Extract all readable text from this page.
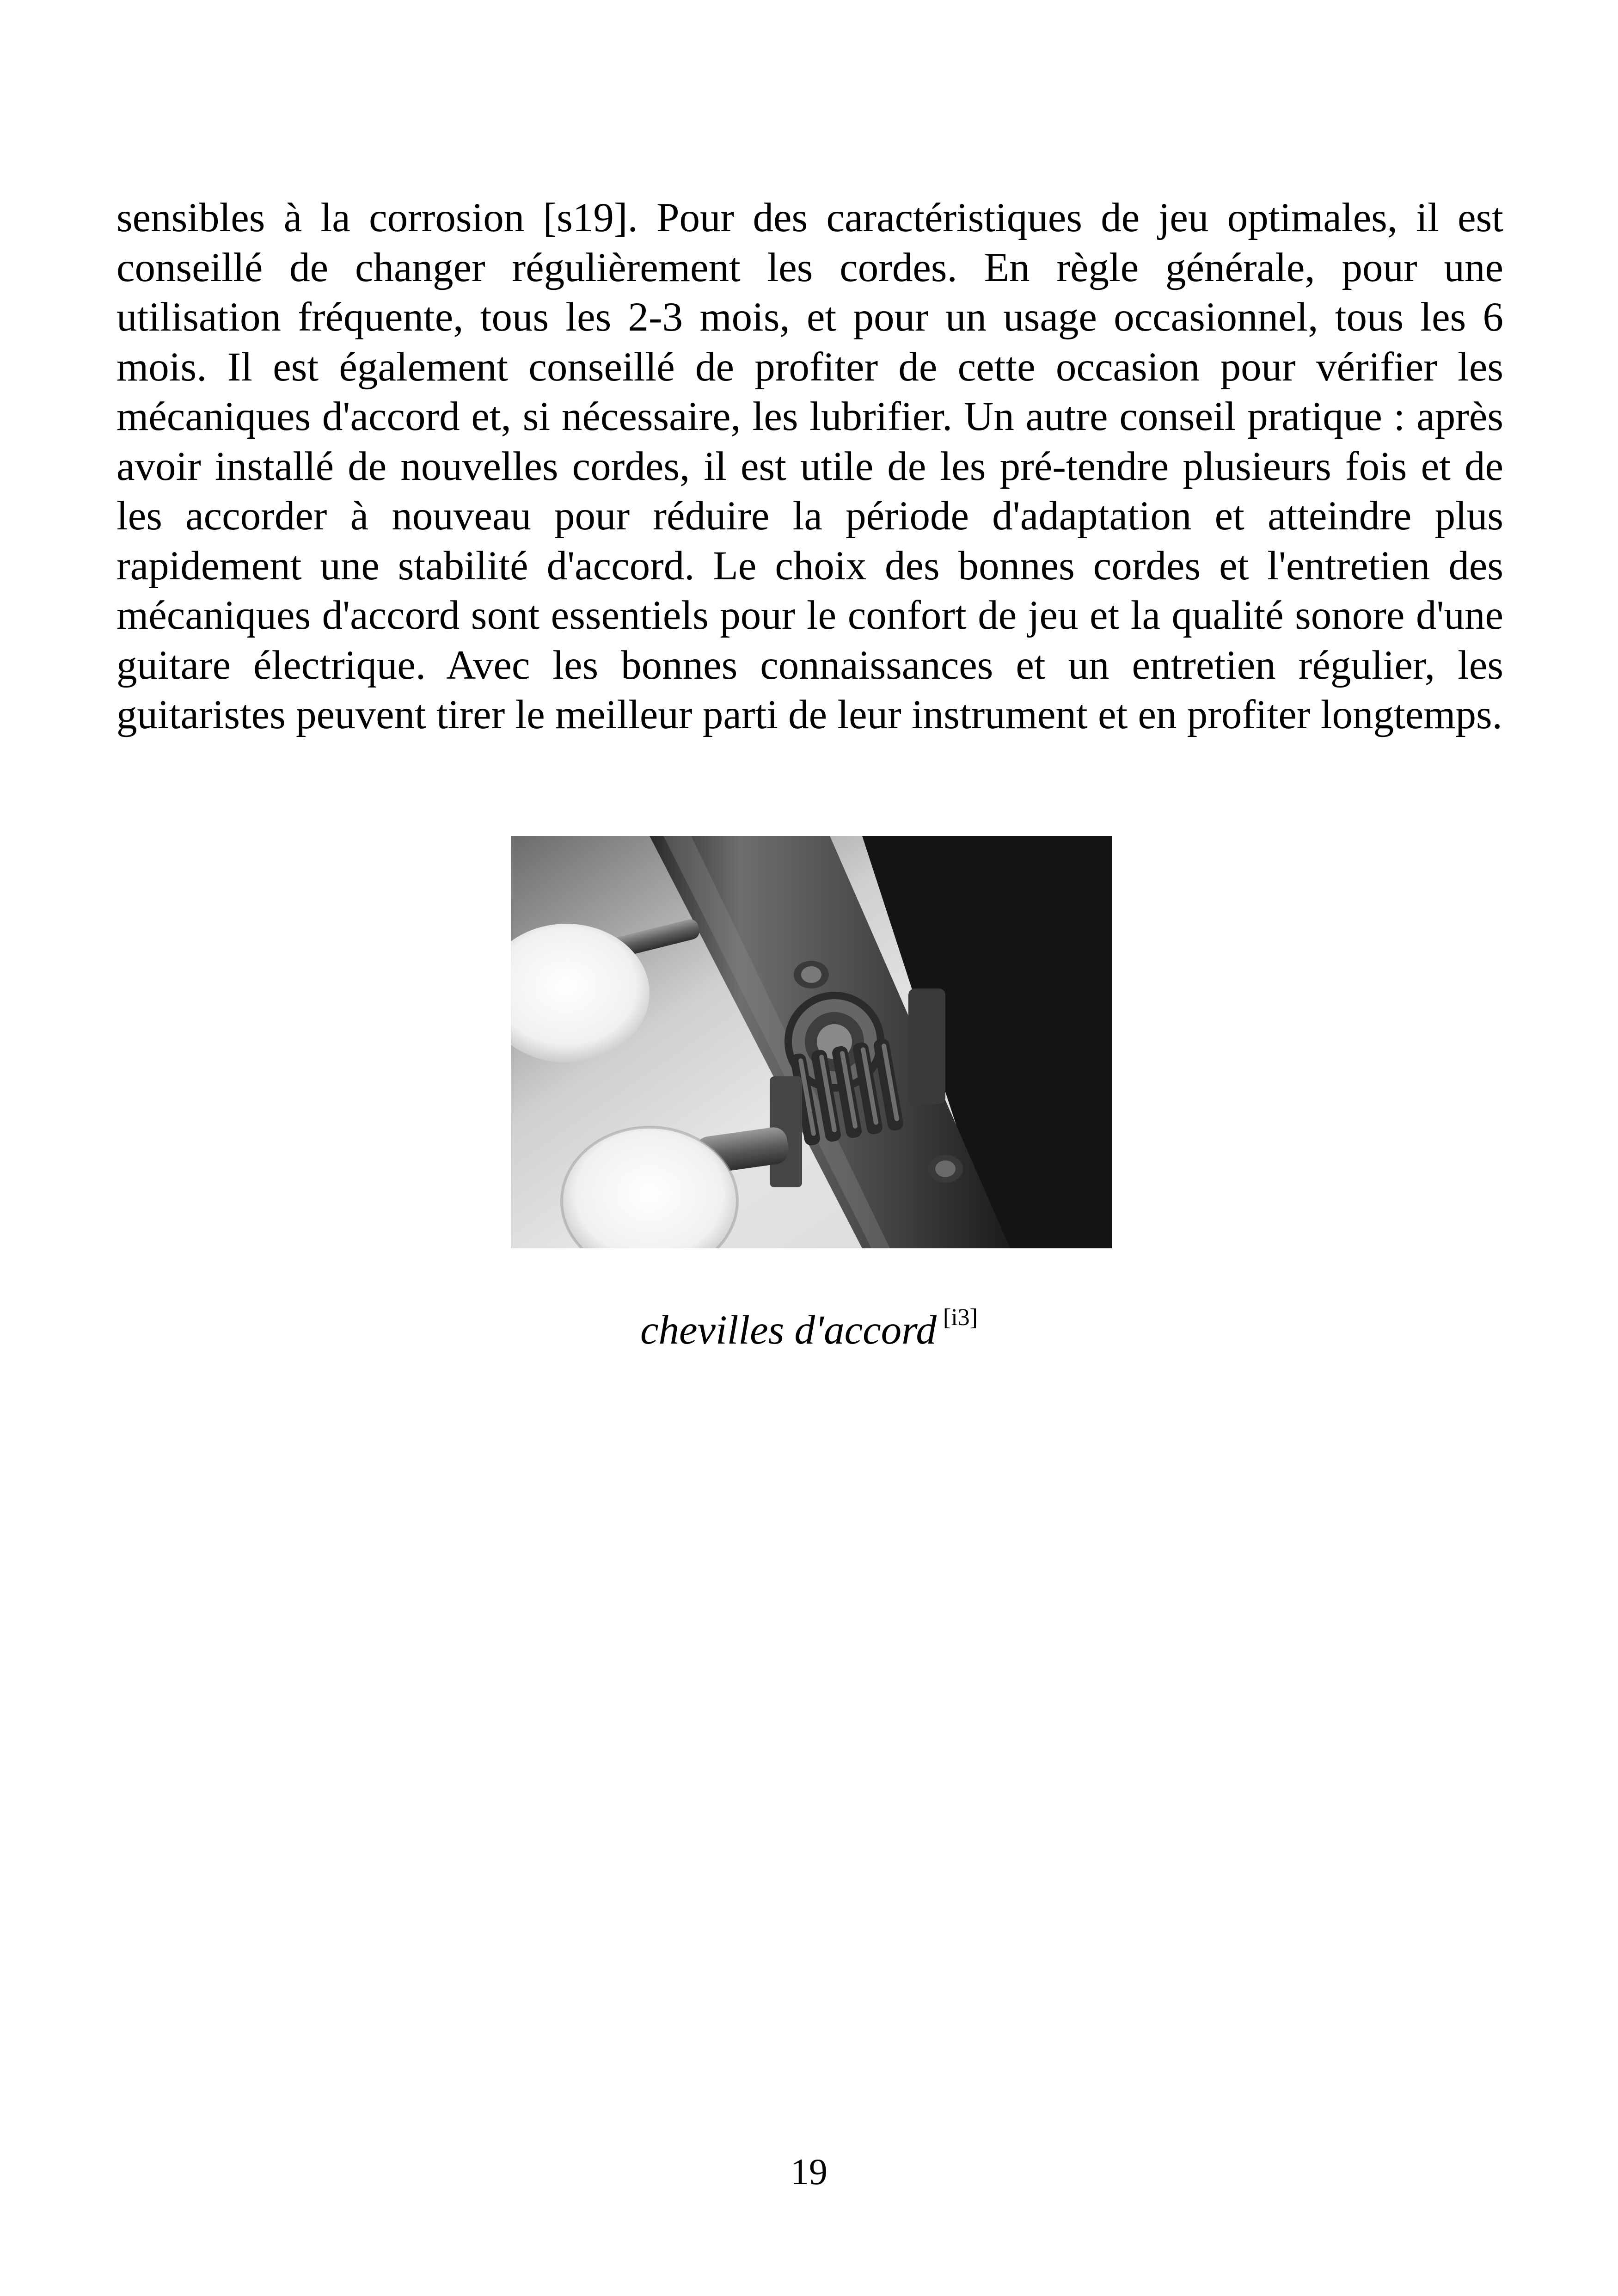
sensibles à la corrosion [s19]. Pour des caractéristiques de jeu optimales, il est conseillé de changer régulièrement les cordes. En règle générale, pour une utilisation fréquente, tous les 2-3 mois, et pour un usage occasionnel, tous les 6 mois. Il est également conseillé de profiter de cette occasion pour vérifier les mécaniques d'accord et, si nécessaire, les lubrifier. Un autre conseil pratique : après avoir installé de nouvelles cordes, il est utile de les pré-tendre plusieurs fois et de les accorder à nouveau pour réduire la période d'adaptation et atteindre plus rapidement une stabilité d'accord. Le choix des bonnes cordes et l'entretien des mécaniques d'accord sont essentiels pour le confort de jeu et la qualité sonore d'une guitare électrique. Avec les bonnes connaissances et un entretien régulier, les guitaristes peuvent tirer le meilleur parti de leur instrument et en profiter longtemps.

chevilles d'accord [i3]
19
